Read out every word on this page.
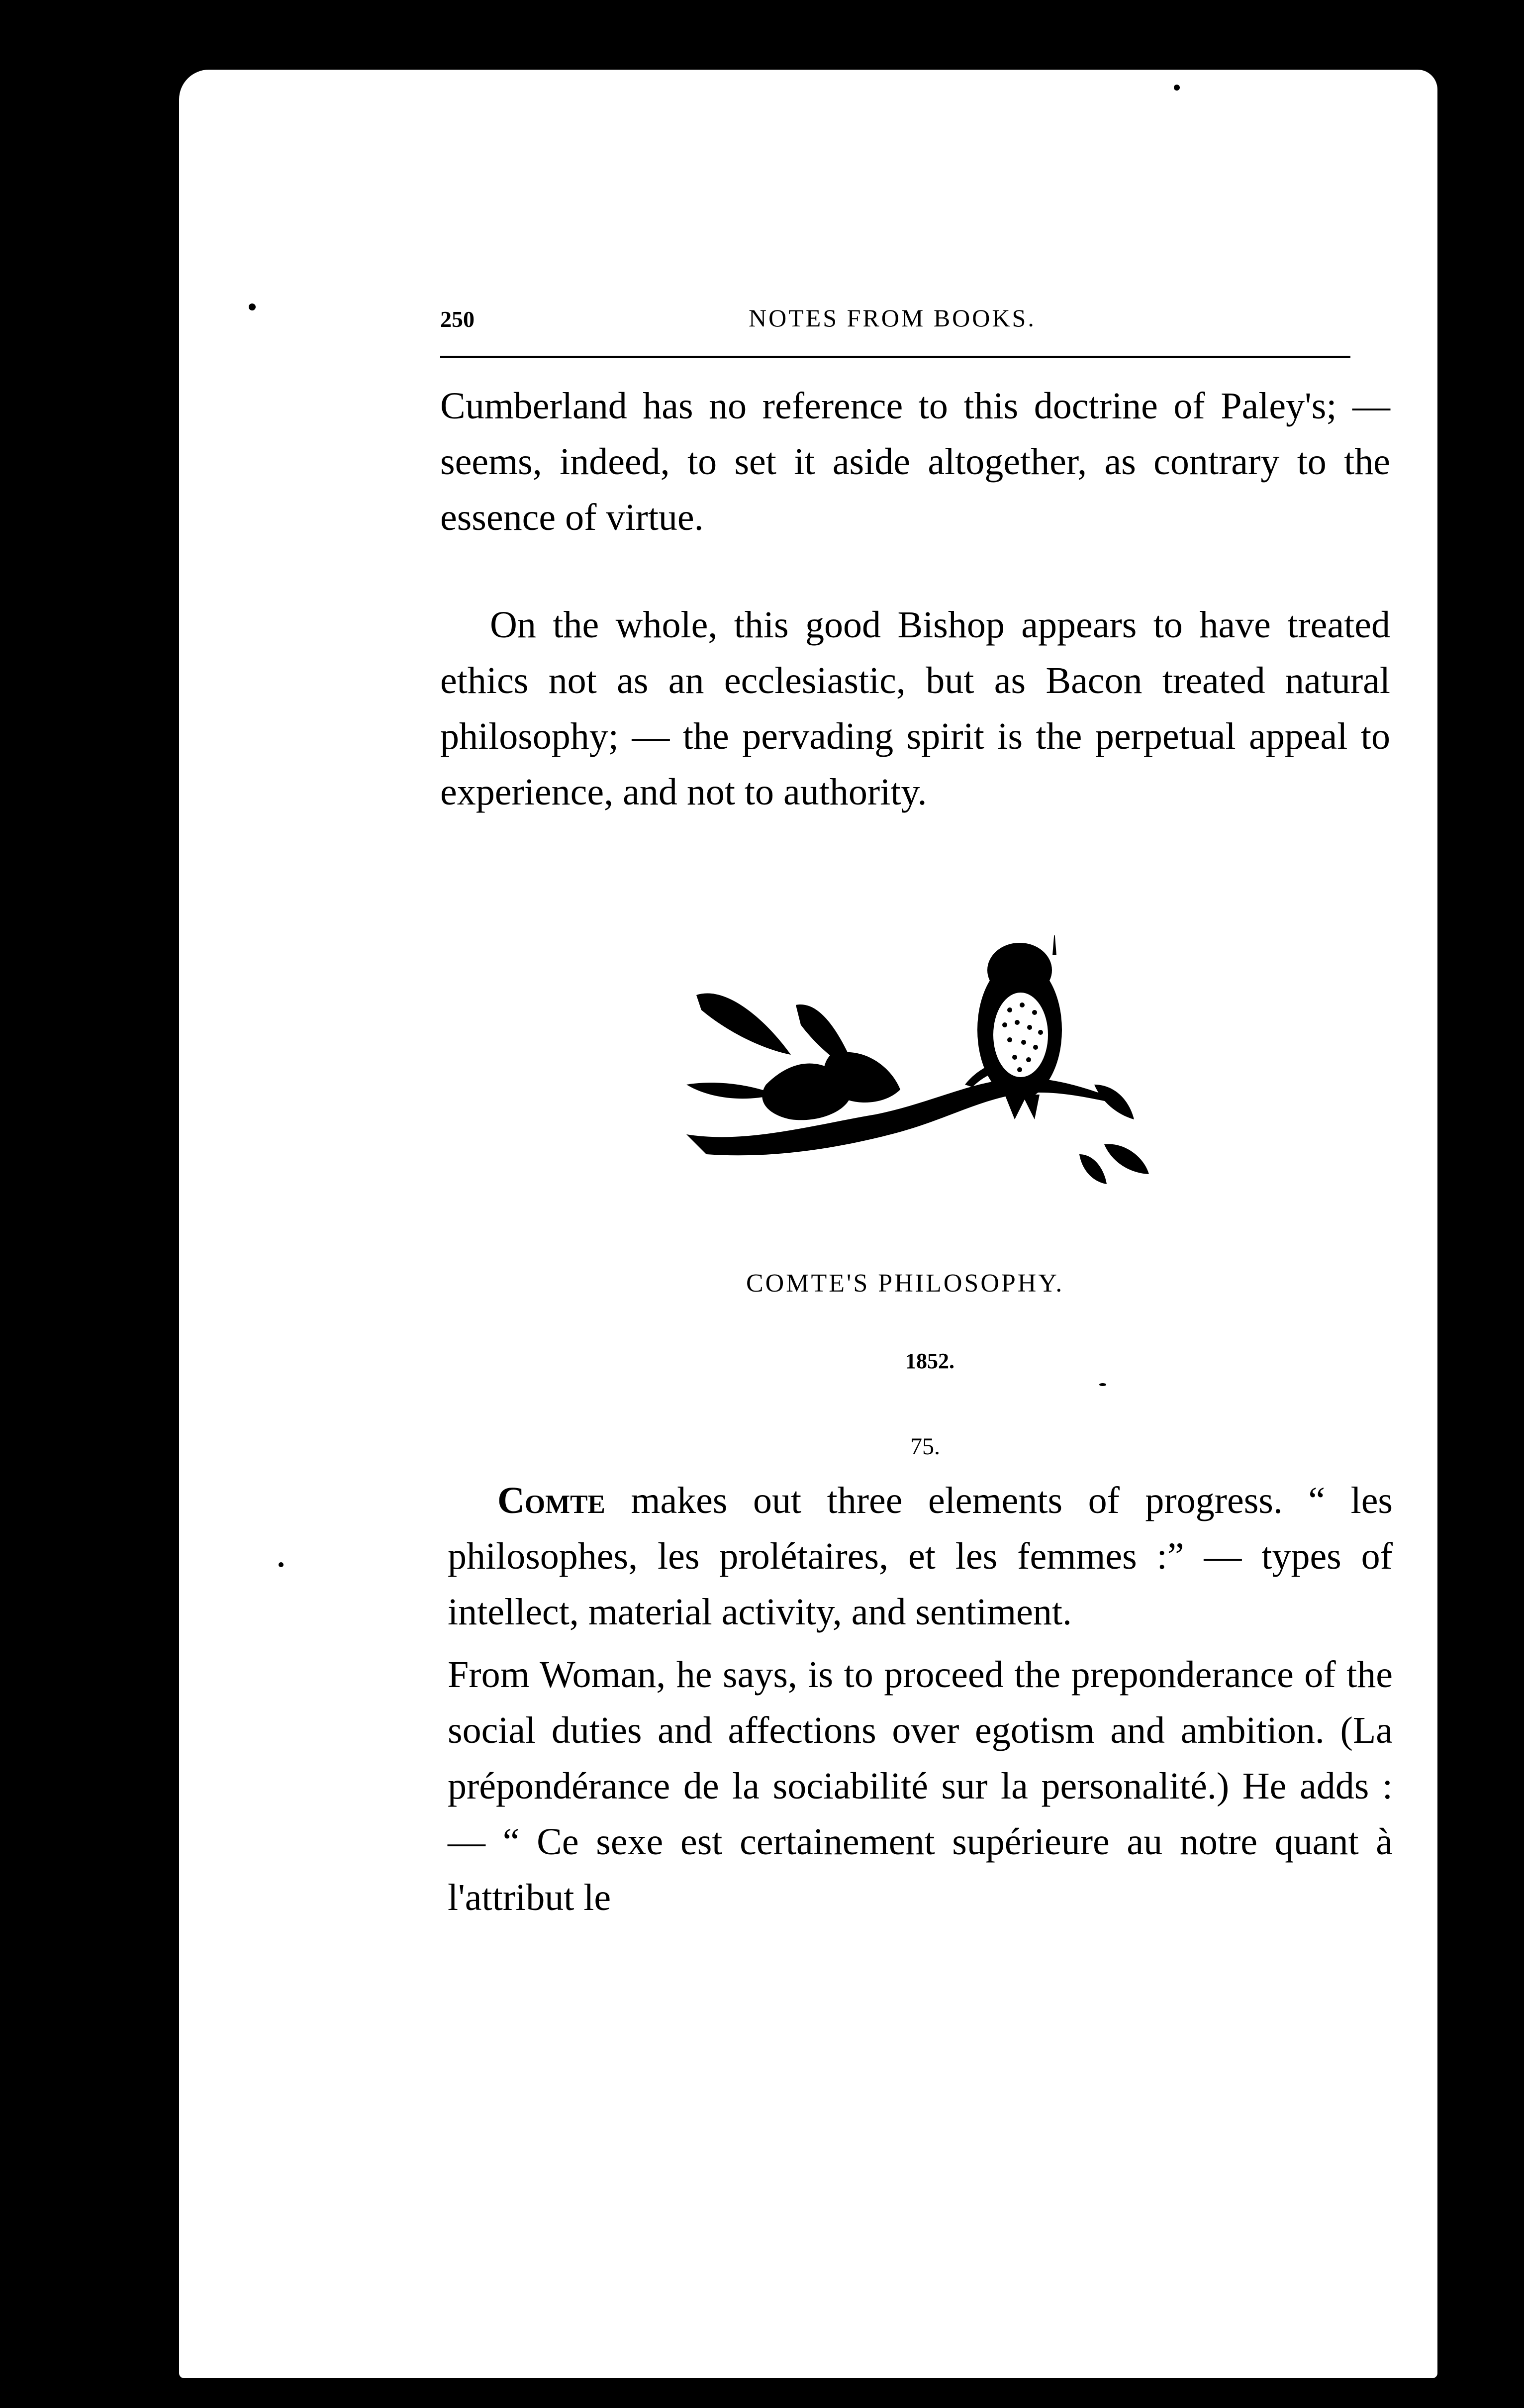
250	NOTES FROM BOOKS.

Cumberland has no reference to this doctrine of Paley's; — seems, indeed, to set it aside altogether, as contrary to the essence of virtue.

On the whole, this good Bishop appears to have treated ethics not as an ecclesiastic, but as Bacon treated natural philosophy; — the pervading spirit is the perpetual appeal to experience, and not to authority.

COMTE'S PHILOSOPHY.
1852.
75.

Comte makes out three elements of progress. “ les philosophes, les prolétaires, et les femmes :” — types of intellect, material activity, and sentiment.

From Woman, he says, is to proceed the preponderance of the social duties and affections over egotism and ambition. (La prépondérance de la sociabilité sur la personalité.) He adds : — “ Ce sexe est certainement supérieure au notre quant à l'attribut le
